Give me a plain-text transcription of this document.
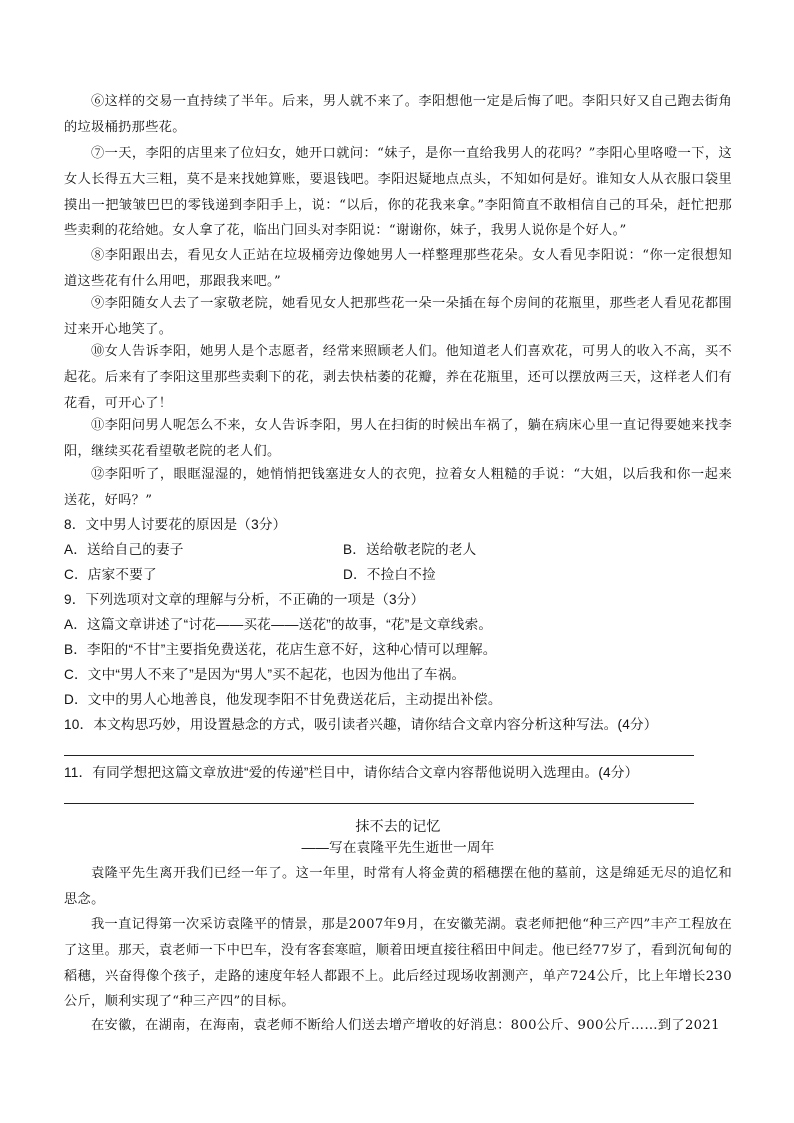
⑥这样的交易一直持续了半年。后来，男人就不来了。李阳想他一定是后悔了吧。李阳只好又自己跑去街角的垃圾桶扔那些花。

⑦一天，李阳的店里来了位妇女，她开口就问：“妹子，是你一直给我男人的花吗？”李阳心里咯噔一下，这女人长得五大三粗，莫不是来找她算账，要退钱吧。李阳迟疑地点点头，不知如何是好。谁知女人从衣服口袋里摸出一把皱皱巴巴的零钱递到李阳手上，说：“以后，你的花我来拿。”李阳简直不敢相信自己的耳朵，赶忙把那些卖剩的花给她。女人拿了花，临出门回头对李阳说：“谢谢你，妹子，我男人说你是个好人。”

⑧李阳跟出去，看见女人正站在垃圾桶旁边像她男人一样整理那些花朵。女人看见李阳说：“你一定很想知道这些花有什么用吧，那跟我来吧。”

⑨李阳随女人去了一家敬老院，她看见女人把那些花一朵一朵插在每个房间的花瓶里，那些老人看见花都围过来开心地笑了。

⑩女人告诉李阳，她男人是个志愿者，经常来照顾老人们。他知道老人们喜欢花，可男人的收入不高，买不起花。后来有了李阳这里那些卖剩下的花，剥去快枯萎的花瓣，养在花瓶里，还可以摆放两三天，这样老人们有花看，可开心了！

⑪李阳问男人呢怎么不来，女人告诉李阳，男人在扫街的时候出车祸了，躺在病床心里一直记得要她来找李阳，继续买花看望敬老院的老人们。

⑫李阳听了，眼眶湿湿的，她悄悄把钱塞进女人的衣兜，拉着女人粗糙的手说：“大姐，以后我和你一起来送花，好吗？”

8．文中男人讨要花的原因是（3分）
A．送给自己的妻子	B．送给敬老院的老人
C．店家不要了	D．不捡白不捡
9．下列选项对文章的理解与分析，不正确的一项是（3分）
A．这篇文章讲述了“讨花——买花——送花”的故事，“花”是文章线索。
B．李阳的“不甘”主要指免费送花，花店生意不好，这种心情可以理解。
C．文中“男人不来了”是因为“男人”买不起花，也因为他出了车祸。
D．文中的男人心地善良，他发现李阳不甘免费送花后，主动提出补偿。
10．本文构思巧妙，用设置悬念的方式，吸引读者兴趣，请你结合文章内容分析这种写法。(4分）
11．有同学想把这篇文章放进“爱的传递”栏目中，请你结合文章内容帮他说明入选理由。(4分）
抹不去的记忆
——写在袁隆平先生逝世一周年

袁隆平先生离开我们已经一年了。这一年里，时常有人将金黄的稻穗摆在他的墓前，这是绵延无尽的追忆和思念。

我一直记得第一次采访袁隆平的情景，那是2007年9月，在安徽芜湖。袁老师把他“种三产四”丰产工程放在了这里。那天，袁老师一下中巴车，没有客套寒暄，顺着田埂直接往稻田中间走。他已经77岁了，看到沉甸甸的稻穗，兴奋得像个孩子，走路的速度年轻人都跟不上。此后经过现场收割测产，单产724公斤，比上年增长230公斤，顺利实现了“种三产四”的目标。

在安徽，在湖南，在海南，袁老师不断给人们送去增产增收的好消息：800公斤、900公斤……到了2021
